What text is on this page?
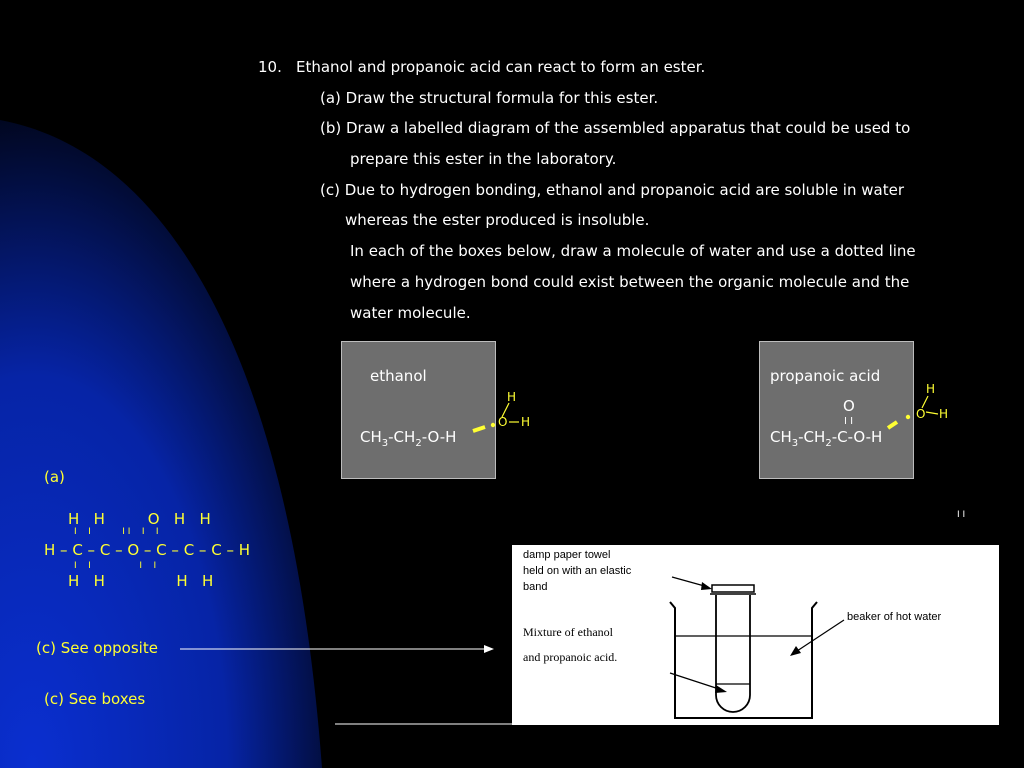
10. Ethanol and propanoic acid can react to form an ester.
(a) Draw the structural formula for this ester.
(b) Draw a labelled diagram of the assembled apparatus that could be used to
prepare this ester in the laboratory.
(c) Due to hydrogen bonding, ethanol and propanoic acid are soluble in water
whereas the ester produced is insoluble.
In each of the boxes below, draw a molecule of water and use a dotted line
where a hydrogen bond could exist between the organic molecule and the
water molecule.
ethanol
$CH_3-CH_2-O-H$
H
O H
propanoic acid
O
I I
$CH_3-CH_2-C-O-H$
H
O H
I I
(a)
H   H         O   H   H
I    I           I I    I    I
H – C – C – O – C – C – C – H
I    I                 I    I
H   H               H   H
(c) See opposite
(c) See boxes
damp paper towel
held on with an elastic
band
beaker of hot water
Mixture of ethanol
and propanoic acid.
